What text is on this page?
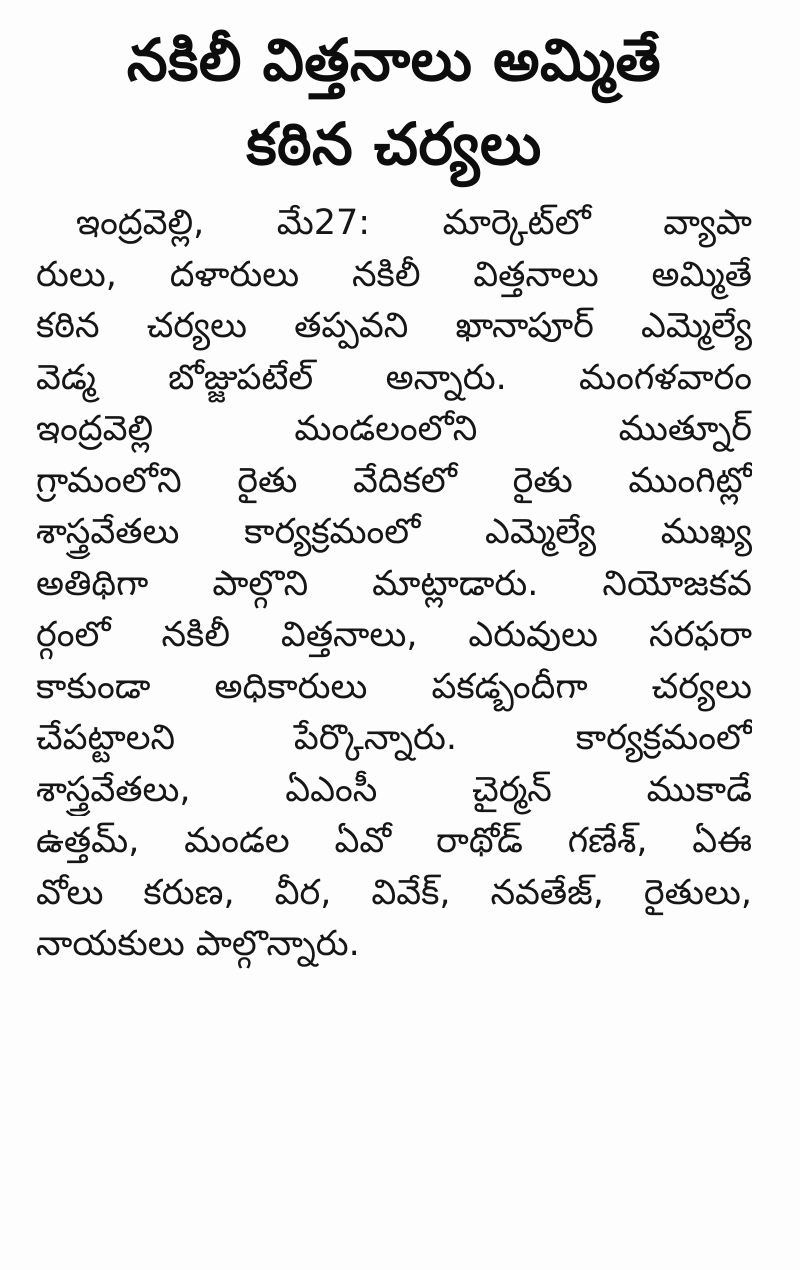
నకిలీ విత్తనాలు అమ్మితే
కఠిన చర్యలు
ఇంద్రవెల్లి, మే27: మార్కెట్‌లో వ్యాపా
రులు, దళారులు నకిలీ విత్తనాలు అమ్మితే
కఠిన చర్యలు తప్పవని ఖానాపూర్ ఎమ్మెల్యే
వెడ్మ బోజ్జుపటేల్ అన్నారు. మంగళవారం
ఇంద్రవెల్లి మండలంలోని ముత్నూర్
గ్రామంలోని రైతు వేదికలో రైతు ముంగిట్లో
శాస్త్రవేతలు కార్యక్రమంలో ఎమ్మెల్యే ముఖ్య
అతిథిగా పాల్గొని మాట్లాడారు. నియోజకవ
ర్గంలో నకిలీ విత్తనాలు, ఎరువులు సరఫరా
కాకుండా అధికారులు పకడ్బందీగా చర్యలు
చేపట్టాలని పేర్కొన్నారు. కార్యక్రమంలో
శాస్త్రవేతలు, ఏఎంసీ చైర్మన్ ముకాడే
ఉత్తమ్, మండల ఏవో రాథోడ్ గణేశ్, ఏఈ
వోలు కరుణ, వీర, వివేక్, నవతేజ్, రైతులు,
నాయకులు పాల్గొన్నారు.
